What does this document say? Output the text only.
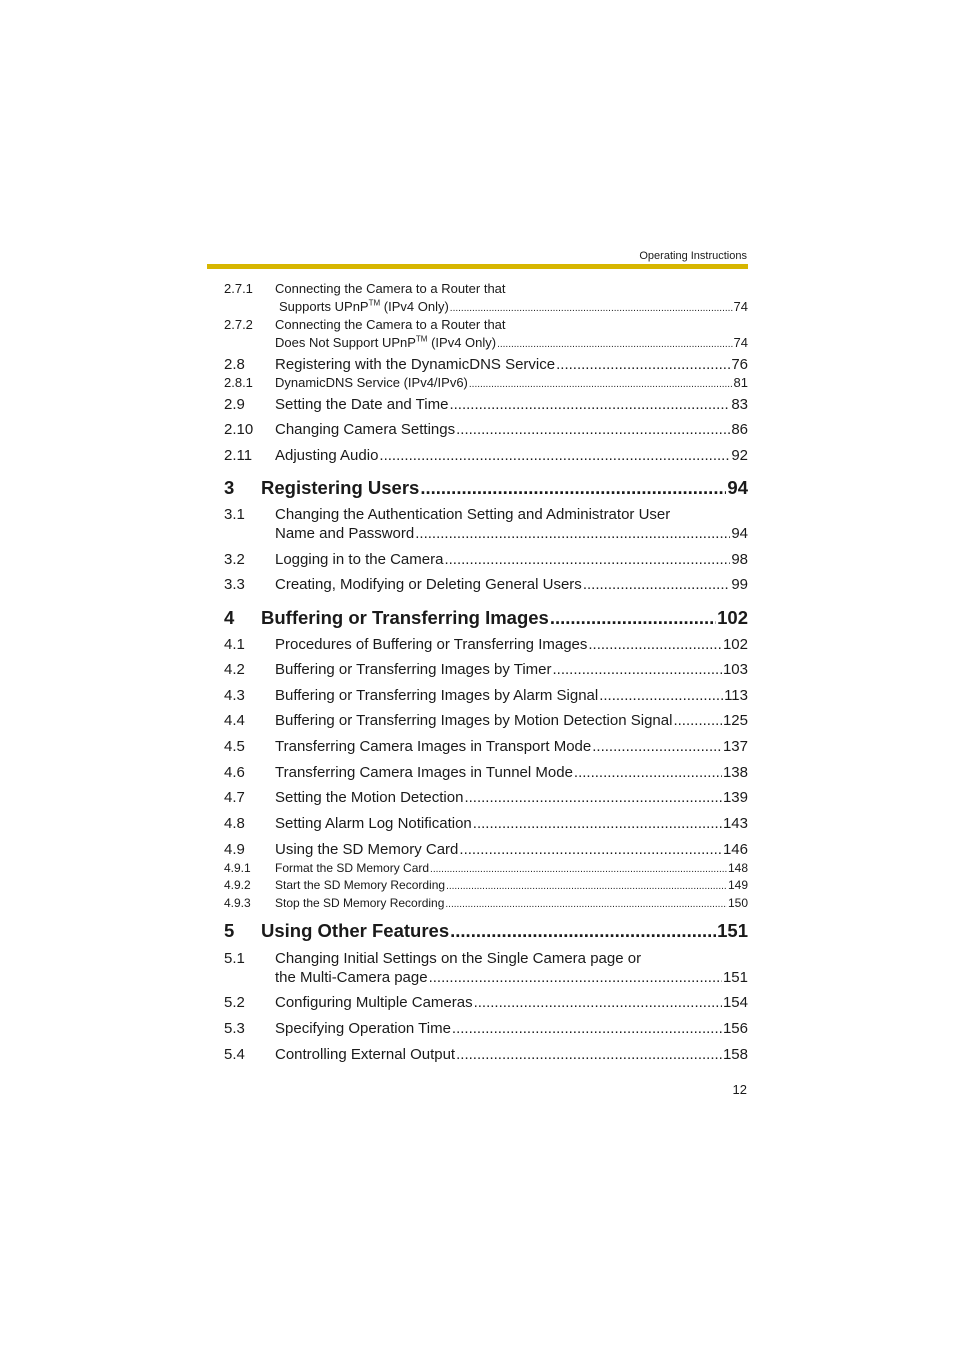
Operating Instructions
2.7.1 Connecting the Camera to a Router that
Supports UPnP™ (IPv4 Only) .....	74
2.7.2 Connecting the Camera to a Router that
Does Not Support UPnP™ (IPv4 Only) .....	74
2.8 Registering with the DynamicDNS Service .....	76
2.8.1 DynamicDNS Service (IPv4/IPv6) .....	81
2.9 Setting the Date and Time .....	83
2.10 Changing Camera Settings .....	86
2.11 Adjusting Audio .....	92
3 Registering Users .....	94
3.1 Changing the Authentication Setting and Administrator User
Name and Password .....	94
3.2 Logging in to the Camera .....	98
3.3 Creating, Modifying or Deleting General Users .....	99
4 Buffering or Transferring Images .....	102
4.1 Procedures of Buffering or Transferring Images .....	102
4.2 Buffering or Transferring Images by Timer .....	103
4.3 Buffering or Transferring Images by Alarm Signal .....	113
4.4 Buffering or Transferring Images by Motion Detection Signal .....	125
4.5 Transferring Camera Images in Transport Mode .....	137
4.6 Transferring Camera Images in Tunnel Mode .....	138
4.7 Setting the Motion Detection .....	139
4.8 Setting Alarm Log Notification .....	143
4.9 Using the SD Memory Card .....	146
4.9.1 Format the SD Memory Card .....	148
4.9.2 Start the SD Memory Recording .....	149
4.9.3 Stop the SD Memory Recording .....	150
5 Using Other Features .....	151
5.1 Changing Initial Settings on the Single Camera page or
the Multi-Camera page .....	151
5.2 Configuring Multiple Cameras .....	154
5.3 Specifying Operation Time .....	156
5.4 Controlling External Output .....	158
12
